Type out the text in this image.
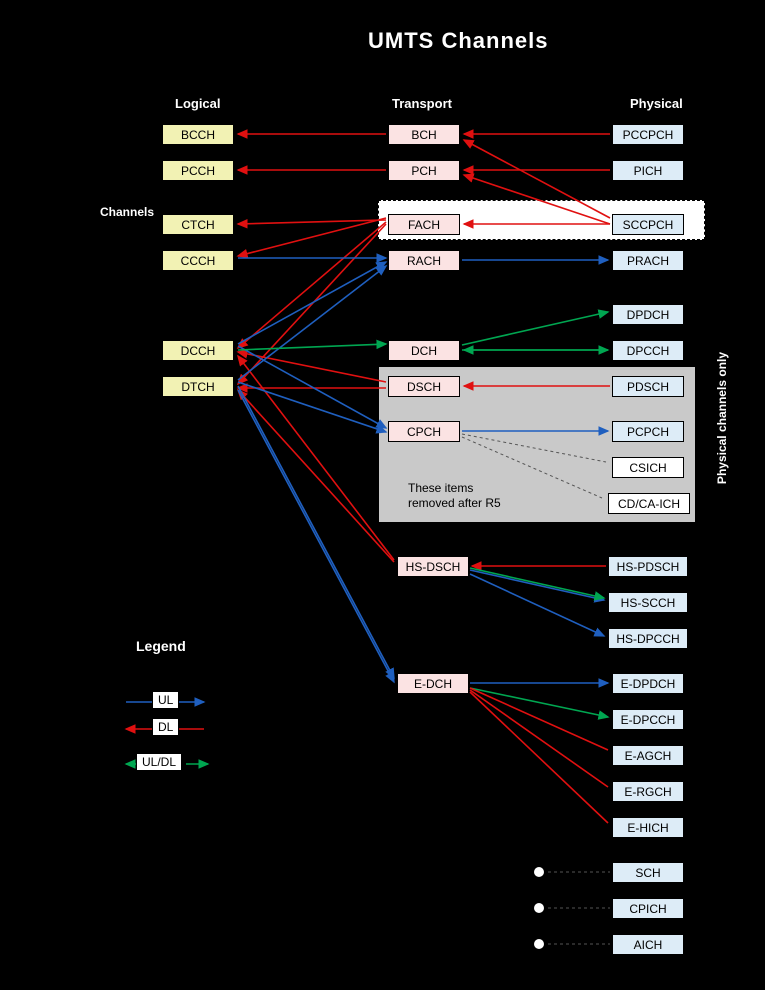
UMTS Channels
Logical	Transport	Physical
Channels
Physical channels only
These items
removed after R5
BCCH
PCCH
CTCH
CCCH
DCCH
DTCH
BCH
PCH
FACH
RACH
DCH
DSCH
CPCH
HS-DSCH
E-DCH
PCCPCH
PICH
SCCPCH
PRACH
DPDCH
DPCCH
PDSCH
PCPCH
CSICH
CD/CA-ICH
HS-PDSCH
HS-SCCH
HS-DPCCH
E-DPDCH
E-DPCCH
E-AGCH
E-RGCH
E-HICH
SCH
CPICH
AICH
Legend
UL
DL
UL/DL
